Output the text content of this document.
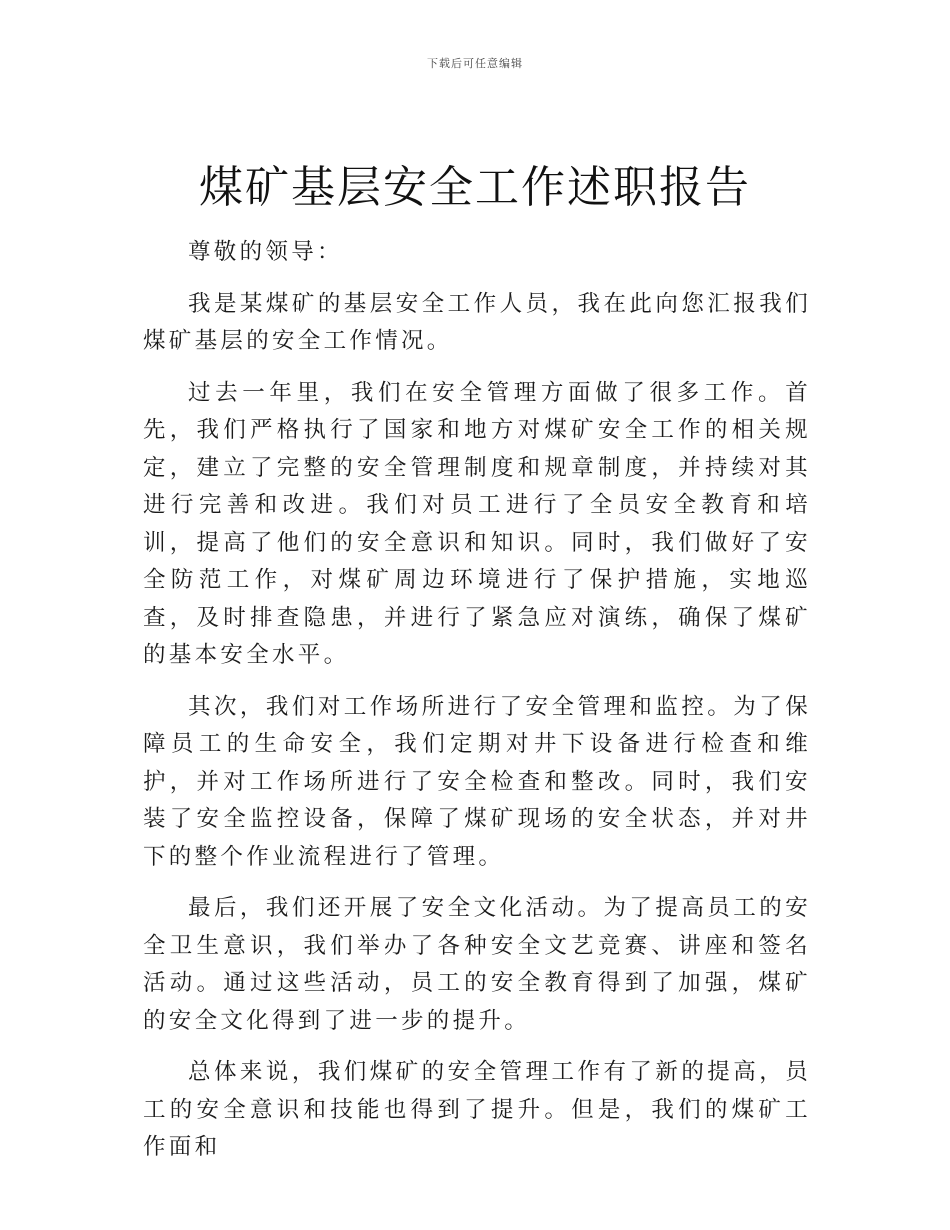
下载后可任意编辑
煤矿基层安全工作述职报告

尊敬的领导：

我是某煤矿的基层安全工作人员，我在此向您汇报我们煤矿基层的安全工作情况。

过去一年里，我们在安全管理方面做了很多工作。首先，我们严格执行了国家和地方对煤矿安全工作的相关规定，建立了完整的安全管理制度和规章制度，并持续对其进行完善和改进。我们对员工进行了全员安全教育和培训，提高了他们的安全意识和知识。同时，我们做好了安全防范工作，对煤矿周边环境进行了保护措施，实地巡查，及时排查隐患，并进行了紧急应对演练，确保了煤矿的基本安全水平。

其次，我们对工作场所进行了安全管理和监控。为了保障员工的生命安全，我们定期对井下设备进行检查和维护，并对工作场所进行了安全检查和整改。同时，我们安装了安全监控设备，保障了煤矿现场的安全状态，并对井下的整个作业流程进行了管理。

最后，我们还开展了安全文化活动。为了提高员工的安全卫生意识，我们举办了各种安全文艺竞赛、讲座和签名活动。通过这些活动，员工的安全教育得到了加强，煤矿的安全文化得到了进一步的提升。

总体来说，我们煤矿的安全管理工作有了新的提高，员工的安全意识和技能也得到了提升。但是，我们的煤矿工作面和
